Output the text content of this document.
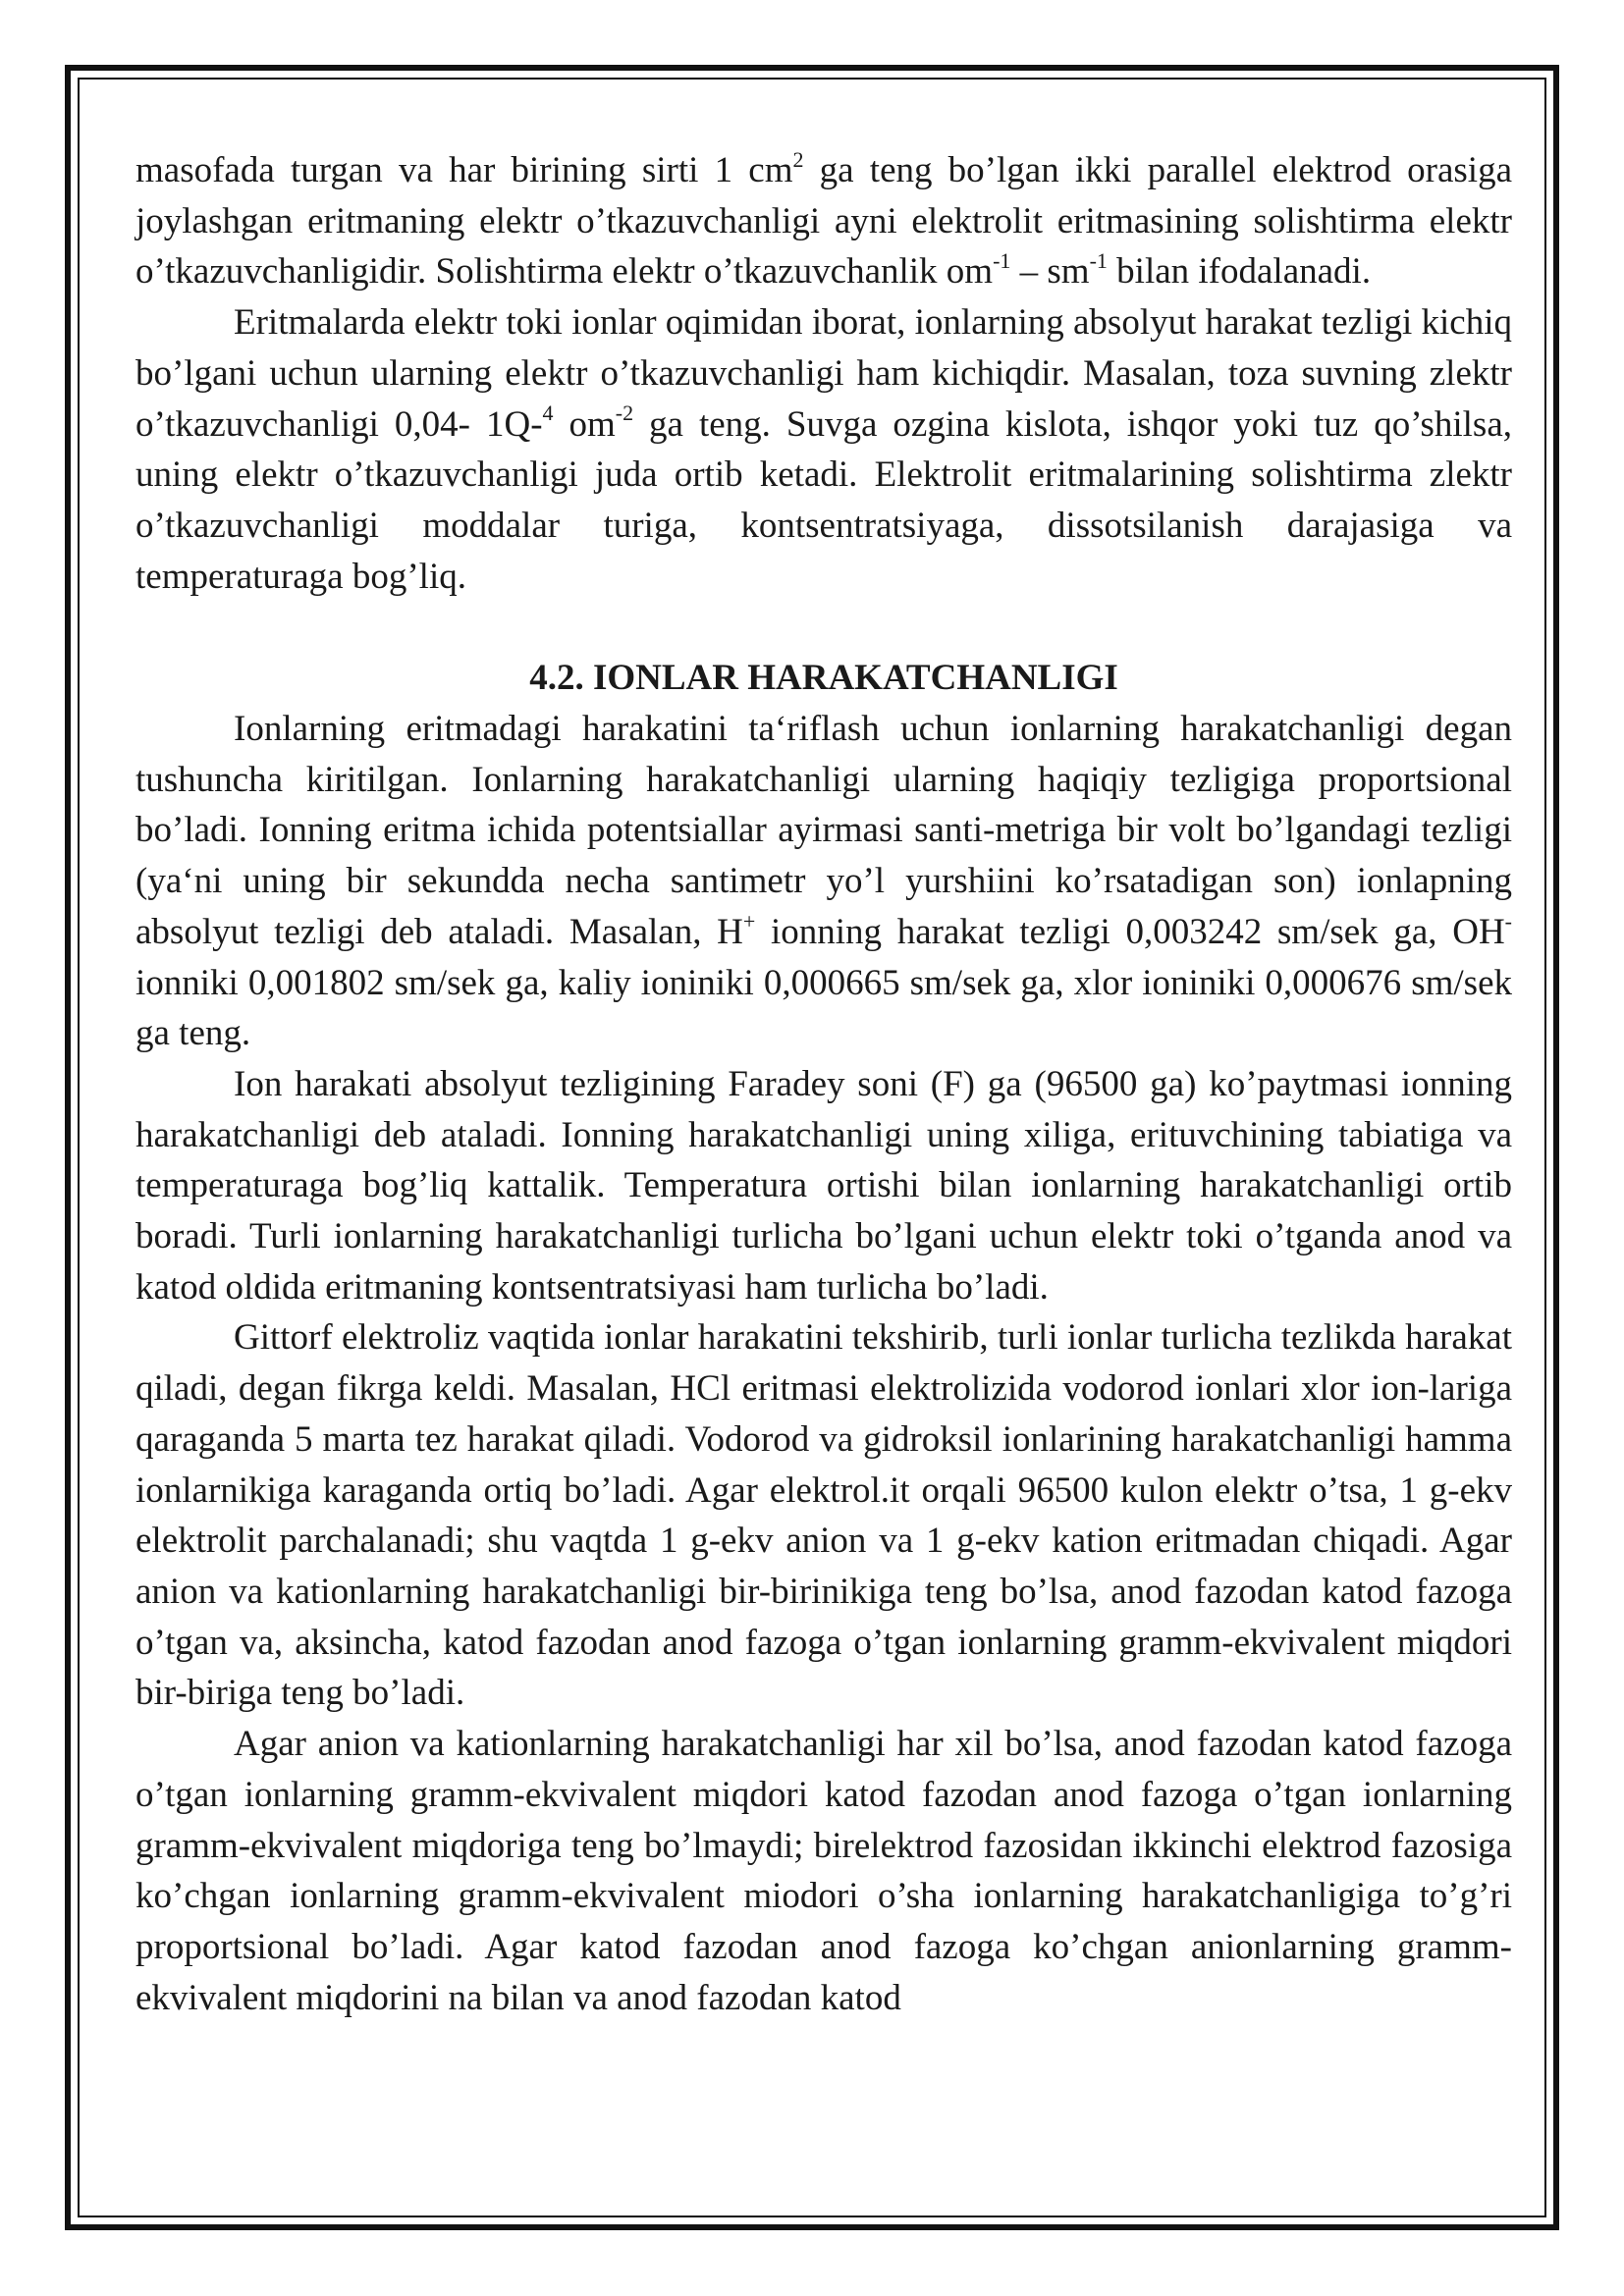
masofada turgan va har birining sirti 1 $cm^2$ ga teng bo’lgan ikki parallel elektrod orasiga joylashgan eritmaning elektr o’tkazuvchanligi ayni elektrolit eritmasining solishtirma elektr o’tkazuvchanligidir. Solishtirma elektr o’tkazuvchanlik $om^{-1} - sm^{-1}$ bilan ifodalanadi.

Eritmalarda elektr toki ionlar oqimidan iborat, ionlarning absolyut harakat tezligi kichiq bo’lgani uchun ularning elektr o’tkazuvchanligi ham kichiqdir. Masalan, toza suvning zlektr o’tkazuvchanligi 0,04- 1Q-$^4$ $om^{-2}$ ga teng. Suvga ozgina kislota, ishqor yoki tuz qo’shilsa, uning elektr o’tkazuvchanligi juda ortib ketadi. Elektrolit eritmalarining solishtirma zlektr o’tkazuvchanligi moddalar turiga, kontsentratsiyaga, dissotsilanish darajasiga va temperaturaga bog’liq.

4.2. IONLAR HARAKATCHANLIGI

Ionlarning eritmadagi harakatini ta‘riflash uchun ionlarning harakatchanligi degan tushuncha kiritilgan. Ionlarning harakatchanligi ularning haqiqiy tezligiga proportsional bo’ladi. Ionning eritma ichida potentsiallar ayirmasi santi-metriga bir volt bo’lgandagi tezligi (ya‘ni uning bir sekundda necha santimetr yo’l yurshiini ko’rsatadigan son) ionlapning absolyut tezligi deb ataladi. Masalan, H+ ionning harakat tezligi 0,003242 sm/sek ga, OH- ionniki 0,001802 sm/sek ga, kaliy ioniniki 0,000665 sm/sek ga, xlor ioniniki 0,000676 sm/sek ga teng.

Ion harakati absolyut tezligining Faradey soni (F) ga (96500 ga) ko’paytmasi ionning harakatchanligi deb ataladi. Ionning harakatchanligi uning xiliga, erituvchining tabiatiga va temperaturaga bog’liq kattalik. Temperatura ortishi bilan ionlarning harakatchanligi ortib boradi. Turli ionlarning harakatchanligi turlicha bo’lgani uchun elektr toki o’tganda anod va katod oldida eritmaning kontsentratsiyasi ham turlicha bo’ladi.

Gittorf elektroliz vaqtida ionlar harakatini tekshirib, turli ionlar turlicha tezlikda harakat qiladi, degan fikrga keldi. Masalan, HCl eritmasi elektrolizida vodorod ionlari xlor ion-lariga qaraganda 5 marta tez harakat qiladi. Vodorod va gidroksil ionlarining harakatchanligi hamma ionlarnikiga karaganda ortiq bo’ladi. Agar elektrol.it orqali 96500 kulon elektr o’tsa, 1 g-ekv elektrolit parchalanadi; shu vaqtda 1 g-ekv anion va 1 g-ekv kation eritmadan chiqadi. Agar anion va kationlarning harakatchanligi bir-birinikiga teng bo’lsa, anod fazodan katod fazoga o’tgan va, aksincha, katod fazodan anod fazoga o’tgan ionlarning gramm-ekvivalent miqdori bir-biriga teng bo’ladi.

Agar anion va kationlarning harakatchanligi har xil bo’lsa, anod fazodan katod fazoga o’tgan ionlarning gramm-ekvivalent miqdori katod fazodan anod fazoga o’tgan ionlarning gramm-ekvivalent miqdoriga teng bo’lmaydi; birelektrod fazosidan ikkinchi elektrod fazosiga ko’chgan ionlarning gramm-ekvivalent miodori o’sha ionlarning harakatchanligiga to’g’ri proportsional bo’ladi. Agar katod fazodan anod fazoga ko’chgan anionlarning gramm-ekvivalent miqdorini na bilan va anod fazodan katod
